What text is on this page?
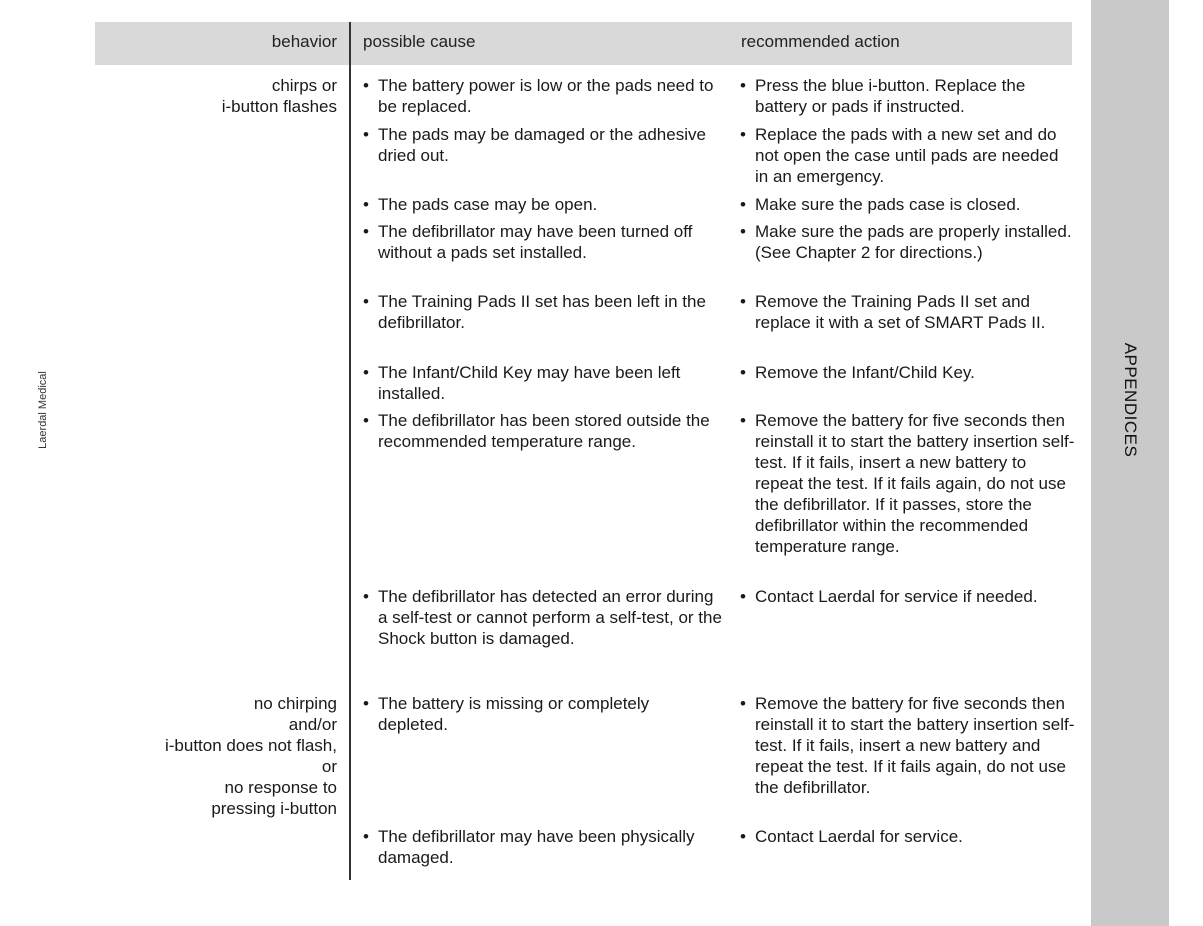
Laerdal Medical	APPENDICES
behavior possible cause	recommended action
chirps or
i-button flashes
no chirping
and/or
i-button does not flash,
or
no response to
pressing i-button
• The battery power is low or the pads need to be replaced.
• The pads may be damaged or the adhesive dried out.
• The pads case may be open.
• The defibrillator may have been turned off without a pads set installed.
• The Training Pads II set has been left in the defibrillator.
• The Infant/Child Key may have been left installed.
• The defibrillator has been stored outside the recommended temperature range.
• The defibrillator has detected an error during a self-test or cannot perform a self-test, or the Shock button is damaged.
• The battery is missing or completely depleted.
• The defibrillator may have been physically damaged.
• Press the blue i-button. Replace the battery or pads if instructed.
• Replace the pads with a new set and do not open the case until pads are needed in an emergency.
• Make sure the pads case is closed.
• Make sure the pads are properly installed. (See Chapter 2 for directions.)
• Remove the Training Pads II set and replace it with a set of SMART Pads II.
• Remove the Infant/Child Key.
• Remove the battery for five seconds then reinstall it to start the battery insertion self-test. If it fails, insert a new battery to repeat the test. If it fails again, do not use the defibrillator. If it passes, store the defibrillator within the recommended temperature range.
• Contact Laerdal for service if needed.
• Remove the battery for five seconds then reinstall it to start the battery insertion self-test. If it fails, insert a new battery and repeat the test. If it fails again, do not use the defibrillator.
• Contact Laerdal for service.
